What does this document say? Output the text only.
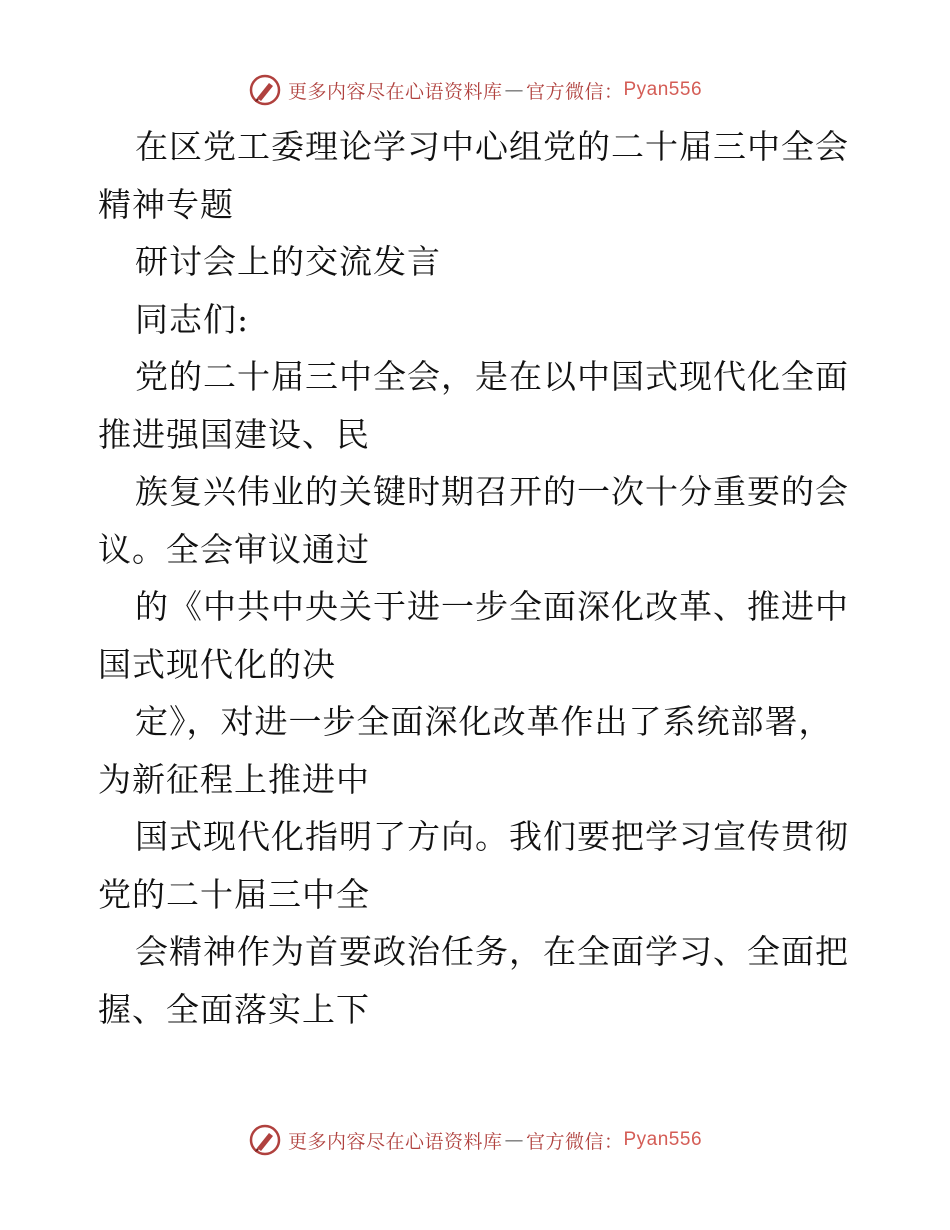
更多内容尽在心语资料库 — 官方微信： Pyan556
在区党工委理论学习中心组党的二十届三中全会
精神专题
研讨会上的交流发言
同志们:
党的二十届三中全会，是在以中国式现代化全面
推进强国建设、民
族复兴伟业的关键时期召开的一次十分重要的会
议。全会审议通过
的《中共中央关于进一步全面深化改革、推进中
国式现代化的决
定》，对进一步全面深化改革作出了系统部署，
为新征程上推进中
国式现代化指明了方向。我们要把学习宣传贯彻
党的二十届三中全
会精神作为首要政治任务，在全面学习、全面把
握、全面落实上下
更多内容尽在心语资料库 — 官方微信： Pyan556
